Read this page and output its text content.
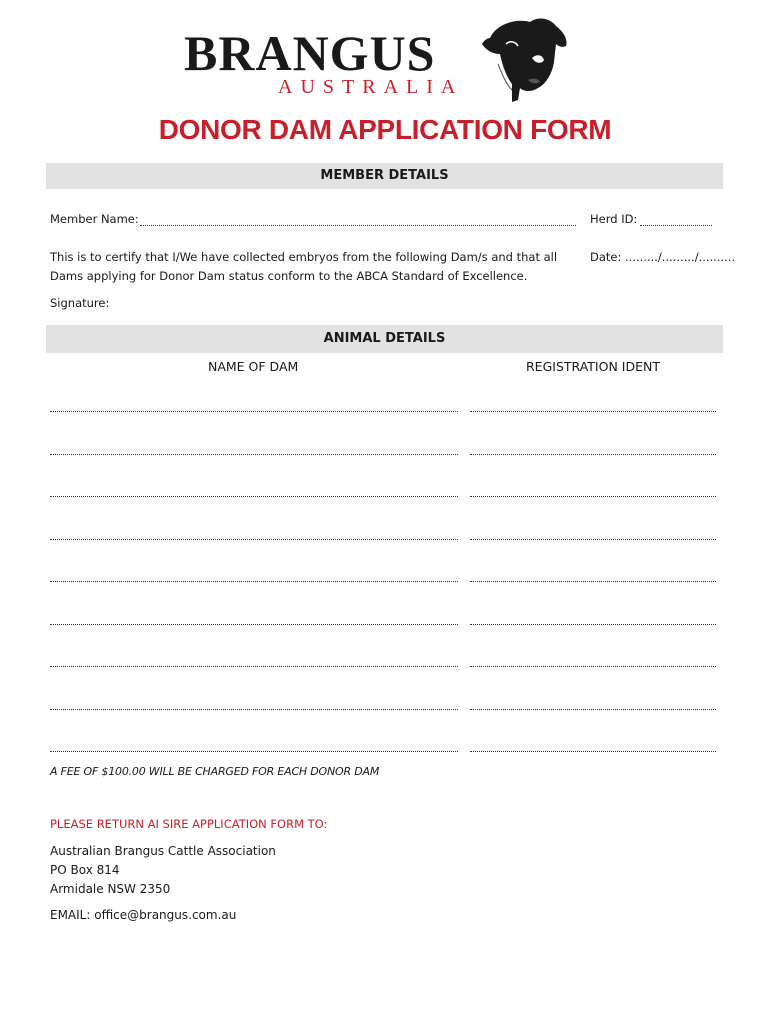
BRANGUS
AUSTRALIA
DONOR DAM APPLICATION FORM
MEMBER DETAILS
Member Name:	Herd ID:
This is to certify that I/We have collected embryos from the following Dam/s and that all
Dams applying for Donor Dam status conform to the ABCA Standard of Excellence.
Date: ........./........./..........
Signature:
ANIMAL DETAILS
NAME OF DAM	REGISTRATION IDENT
A FEE OF $100.00 WILL BE CHARGED FOR EACH DONOR DAM
PLEASE RETURN AI SIRE APPLICATION FORM TO:
Australian Brangus Cattle Association
PO Box 814
Armidale NSW 2350
EMAIL: office@brangus.com.au
